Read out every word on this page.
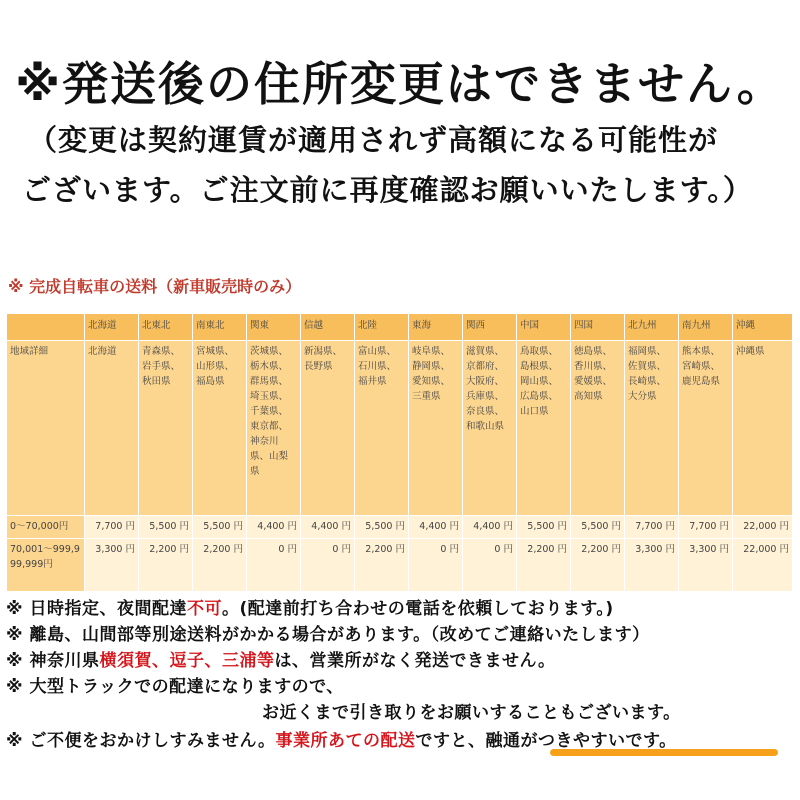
※発送後の住所変更はできません。
（変更は契約運賃が適用されず高額になる可能性が
ございます。ご注文前に再度確認お願いいたします。）
※ 完成自転車の送料（新車販売時のみ）
	北海道	北東北	南東北	関東	信越	北陸	東海	関西	中国	四国	北九州	南九州	沖縄
地域詳細	北海道	青森県、岩手県、秋田県	宮城県、山形県、福島県	茨城県、栃木県、群馬県、埼玉県、千葉県、東京都、神奈川県、山梨県	新潟県、長野県	富山県、石川県、福井県	岐阜県、静岡県、愛知県、三重県	滋賀県、京都府、大阪府、兵庫県、奈良県、和歌山県	鳥取県、島根県、岡山県、広島県、山口県	徳島県、香川県、愛媛県、高知県	福岡県、佐賀県、長崎県、大分県	熊本県、宮崎県、鹿児島県	沖縄県
0～70,000円	7,700 円	5,500 円	5,500 円	4,400 円	4,400 円	5,500 円	4,400 円	4,400 円	5,500 円	5,500 円	7,700 円	7,700 円	22,000 円
70,001～999,999,999円	3,300 円	2,200 円	2,200 円	0 円	0 円	2,200 円	0 円	0 円	2,200 円	2,200 円	3,300 円	3,300 円	22,000 円
※ 日時指定、夜間配達不可。(配達前打ち合わせの電話を依頼しております。)
※ 離島、山間部等別途送料がかかる場合があります。（改めてご連絡いたします）
※ 神奈川県横須賀、逗子、三浦等は、営業所がなく発送できません。
※ 大型トラックでの配達になりますので、
お近くまで引き取りをお願いすることもございます。
※ ご不便をおかけしすみません。事業所あての配送ですと、融通がつきやすいです。
